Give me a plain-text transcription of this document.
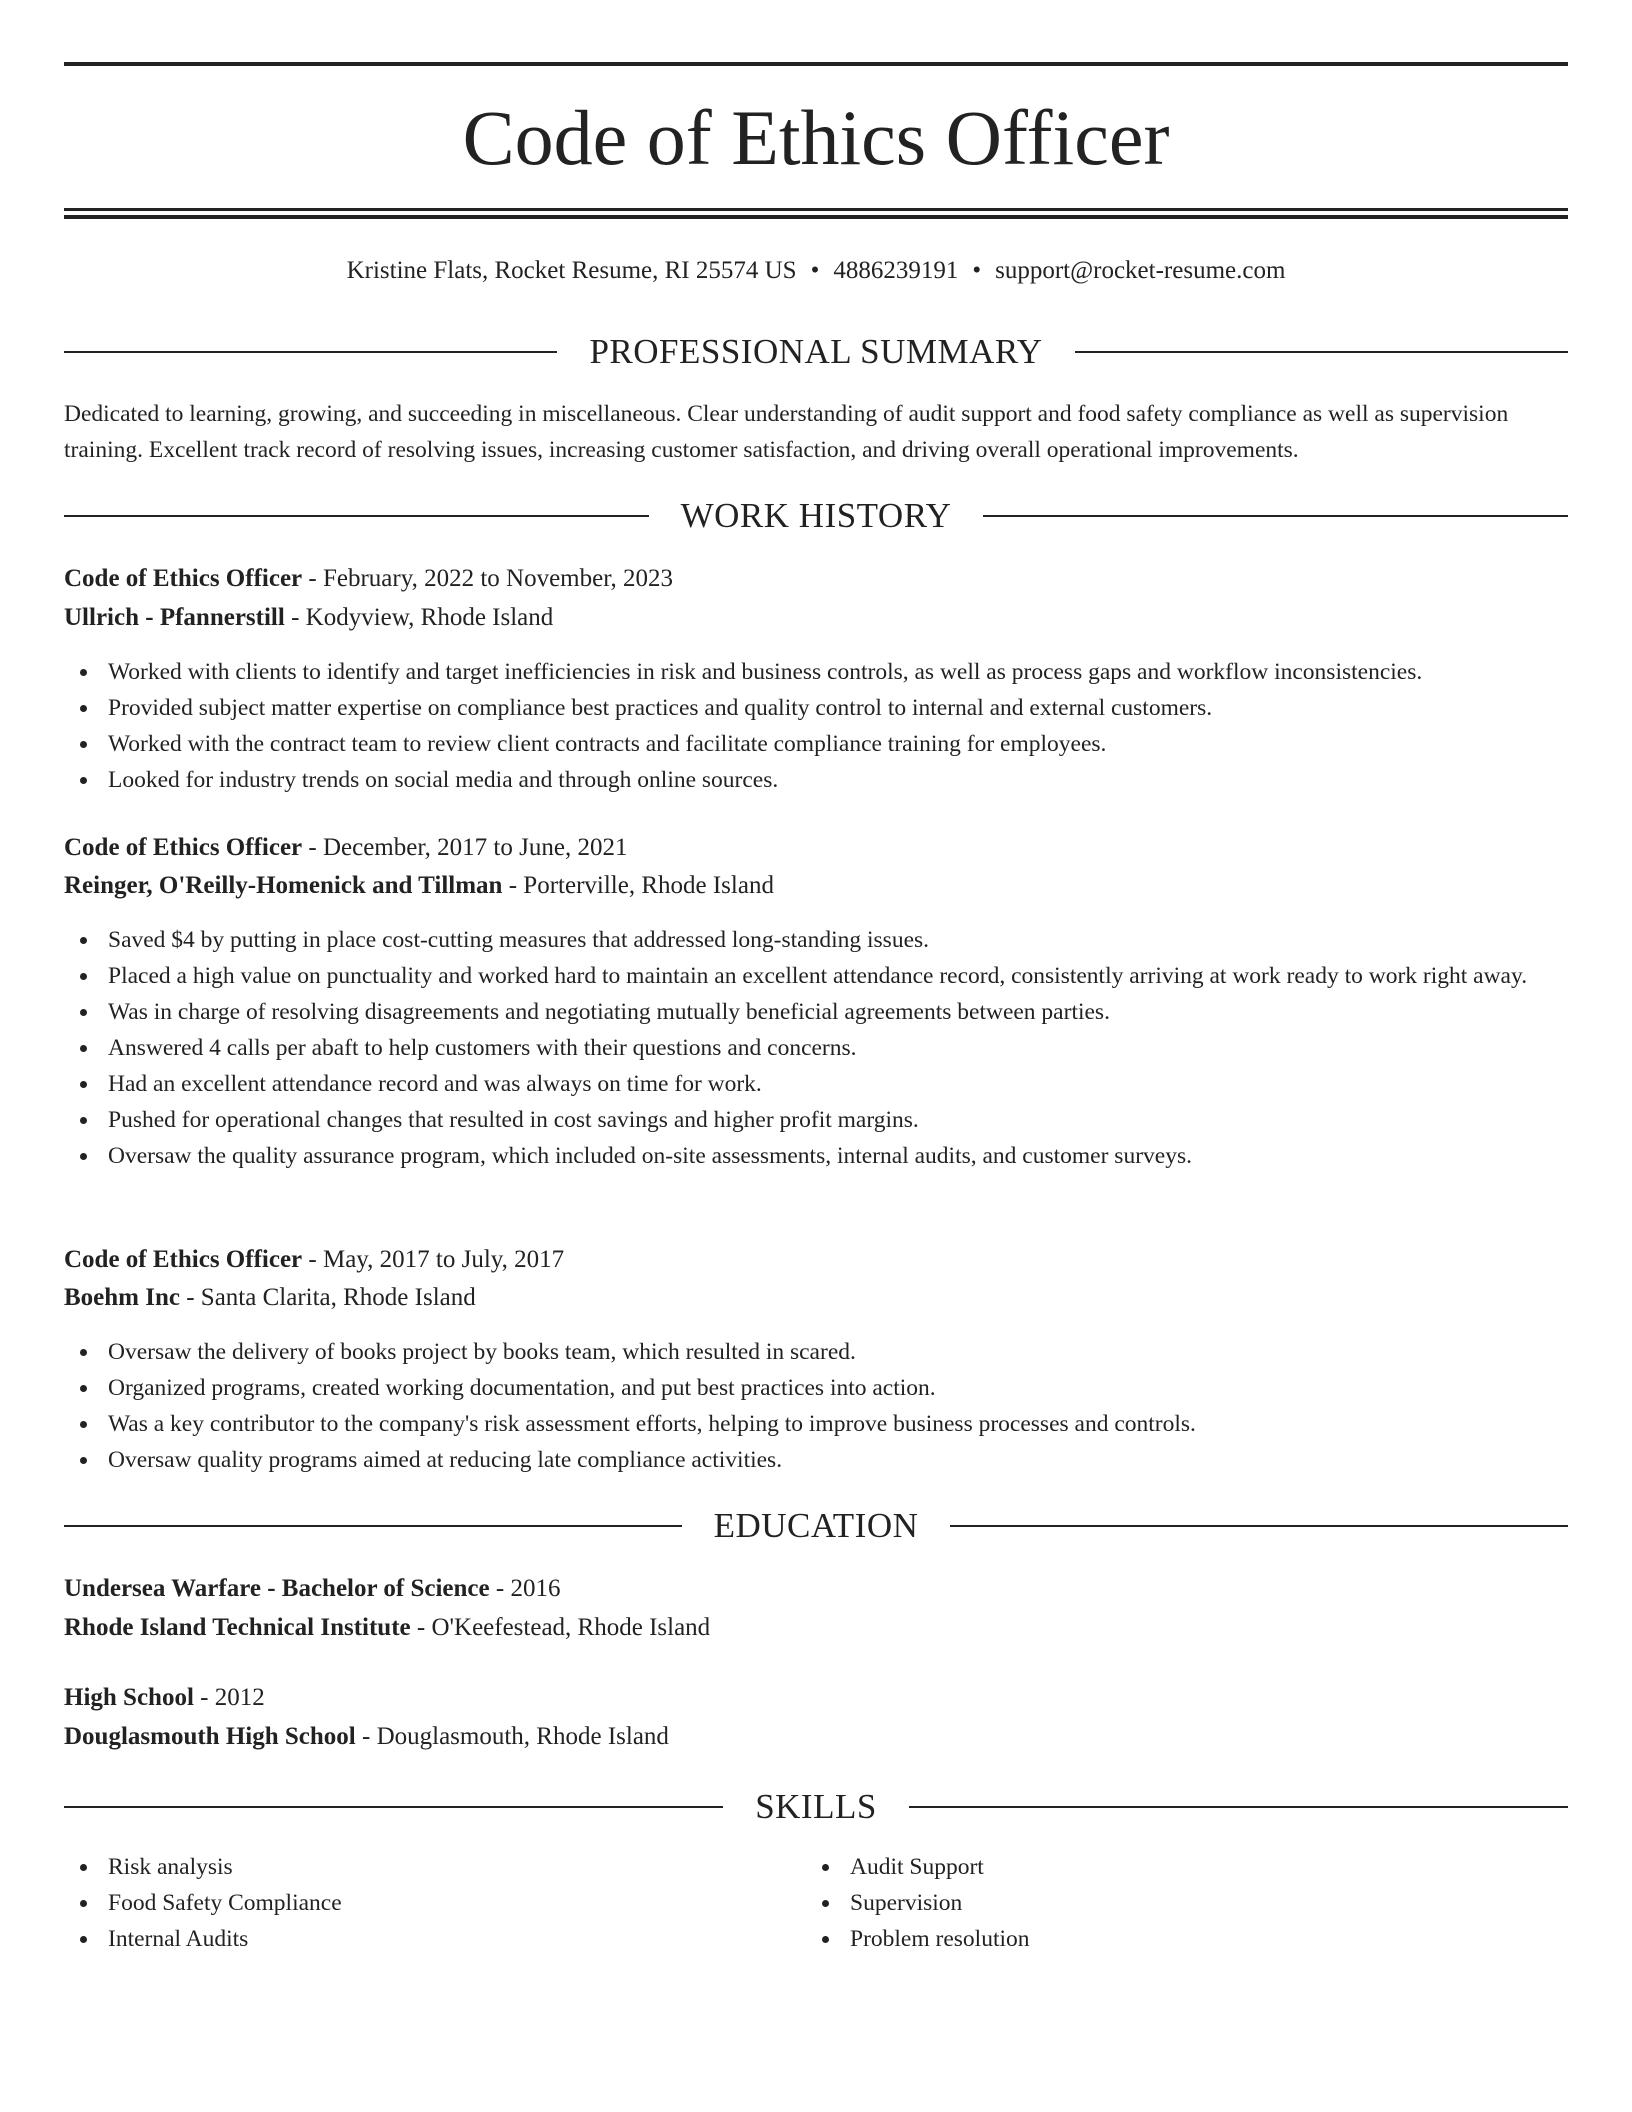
Code of Ethics Officer
Kristine Flats, Rocket Resume, RI 25574 US • 4886239191 • support@rocket-resume.com
PROFESSIONAL SUMMARY

Dedicated to learning, growing, and succeeding in miscellaneous. Clear understanding of audit support and food safety compliance as well as supervision training. Excellent track record of resolving issues, increasing customer satisfaction, and driving overall operational improvements.

WORK HISTORY
Code of Ethics Officer - February, 2022 to November, 2023
Ullrich - Pfannerstill - Kodyview, Rhode Island
Worked with clients to identify and target inefficiencies in risk and business controls, as well as process gaps and workflow inconsistencies.
Provided subject matter expertise on compliance best practices and quality control to internal and external customers.
Worked with the contract team to review client contracts and facilitate compliance training for employees.
Looked for industry trends on social media and through online sources.
Code of Ethics Officer - December, 2017 to June, 2021
Reinger, O'Reilly-Homenick and Tillman - Porterville, Rhode Island
Saved $4 by putting in place cost-cutting measures that addressed long-standing issues.
Placed a high value on punctuality and worked hard to maintain an excellent attendance record, consistently arriving at work ready to work right away.
Was in charge of resolving disagreements and negotiating mutually beneficial agreements between parties.
Answered 4 calls per abaft to help customers with their questions and concerns.
Had an excellent attendance record and was always on time for work.
Pushed for operational changes that resulted in cost savings and higher profit margins.
Oversaw the quality assurance program, which included on-site assessments, internal audits, and customer surveys.
Code of Ethics Officer - May, 2017 to July, 2017
Boehm Inc - Santa Clarita, Rhode Island
Oversaw the delivery of books project by books team, which resulted in scared.
Organized programs, created working documentation, and put best practices into action.
Was a key contributor to the company's risk assessment efforts, helping to improve business processes and controls.
Oversaw quality programs aimed at reducing late compliance activities.
EDUCATION
Undersea Warfare - Bachelor of Science - 2016
Rhode Island Technical Institute - O'Keefestead, Rhode Island
High School - 2012
Douglasmouth High School - Douglasmouth, Rhode Island
SKILLS
Risk analysis
Food Safety Compliance
Internal Audits
Audit Support
Supervision
Problem resolution
